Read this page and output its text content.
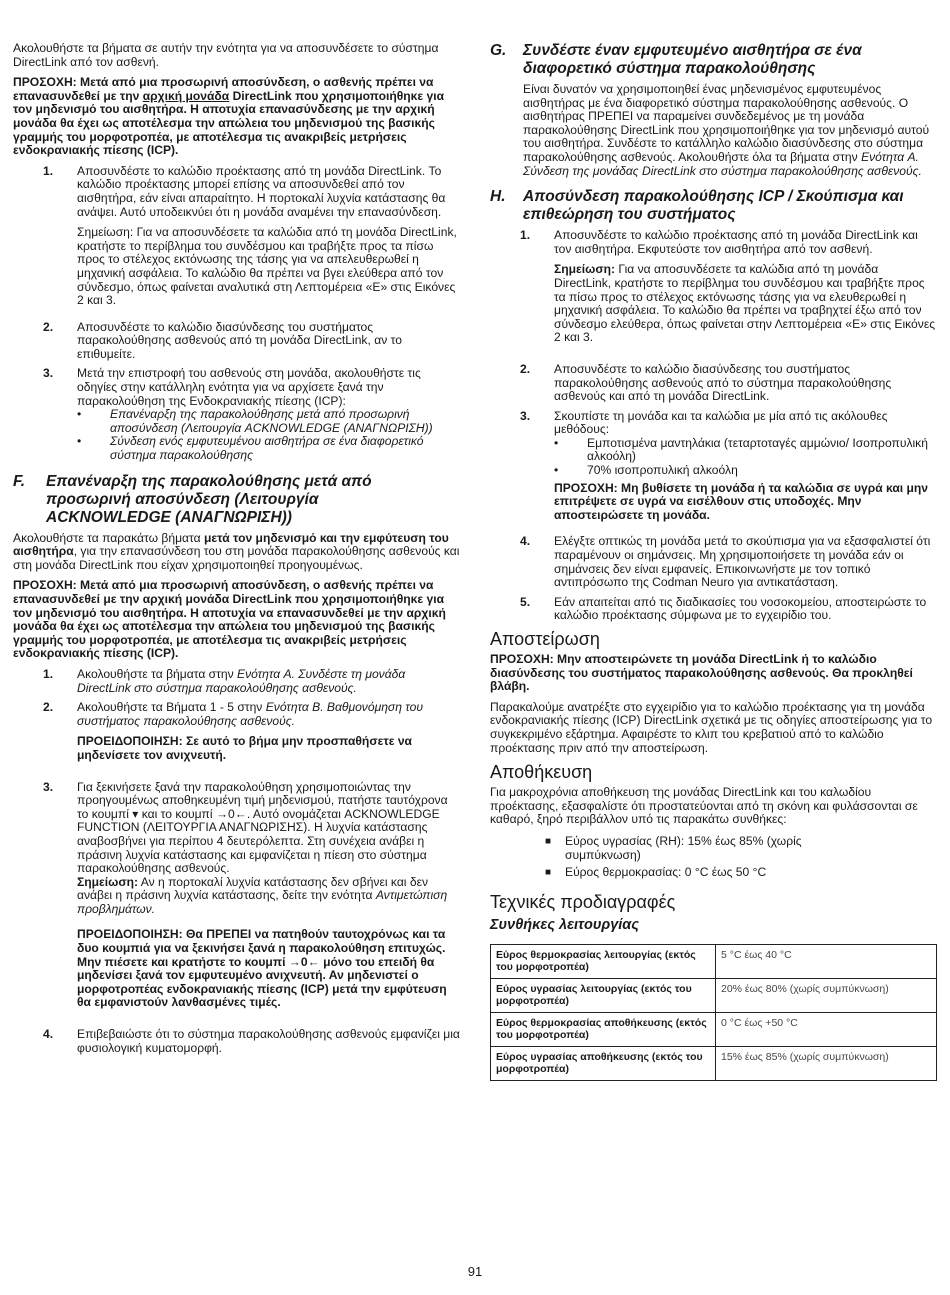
Ακολουθήστε τα βήματα σε αυτήν την ενότητα για να αποσυνδέσετε το σύστημα DirectLink από τον ασθενή.

ΠΡΟΣΟΧΗ: Μετά από μια προσωρινή αποσύνδεση, ο ασθενής πρέπει να επανασυνδεθεί με την αρχική μονάδα DirectLink που χρησιμοποιήθηκε για τον μηδενισμό του αισθητήρα. Η αποτυχία επανασύνδεσης με την αρχική μονάδα θα έχει ως αποτέλεσμα την απώλεια του μηδενισμού της βασικής γραμμής του μορφοτροπέα, με αποτέλεσμα τις ανακριβείς μετρήσεις ενδοκρανιακής πίεσης (ICP).

1.	Αποσυνδέστε το καλώδιο προέκτασης από τη μονάδα DirectLink. Το καλώδιο προέκτασης μπορεί επίσης να αποσυνδεθεί από τον αισθητήρα, εάν είναι απαραίτητο. Η πορτοκαλί λυχνία κατάστασης θα ανάψει. Αυτό υποδεικνύει ότι η μονάδα αναμένει την επανασύνδεση.

Σημείωση: Για να αποσυνδέσετε τα καλώδια από τη μονάδα DirectLink, κρατήστε το περίβλημα του συνδέσμου και τραβήξτε προς τα πίσω προς το στέλεχος εκτόνωσης της τάσης για να απελευθερωθεί η μηχανική ασφάλεια. Το καλώδιο θα πρέπει να βγει ελεύθερα από τον σύνδεσμο, όπως φαίνεται αναλυτικά στη Λεπτομέρεια «Ε» στις Εικόνες 2 και 3.

2.	Αποσυνδέστε το καλώδιο διασύνδεσης του συστήματος παρακολούθησης ασθενούς από τη μονάδα DirectLink, αν το επιθυμείτε.
3.	Μετά την επιστροφή του ασθενούς στη μονάδα, ακολουθήστε τις οδηγίες στην κατάλληλη ενότητα για να αρχίσετε ξανά την παρακολούθηση της Ενδοκρανιακής πίεσης (ICP):
•	Επανέναρξη της παρακολούθησης μετά από προσωρινή αποσύνδεση (Λειτουργία ACKNOWLEDGE (ΑΝΑΓΝΩΡΙΣΗ))
•	Σύνδεση ενός εμφυτευμένου αισθητήρα σε ένα διαφορετικό σύστημα παρακολούθησης
F.	Επανέναρξη της παρακολούθησης μετά από προσωρινή αποσύνδεση (Λειτουργία ACKNOWLEDGE (ΑΝΑΓΝΩΡΙΣΗ))

Ακολουθήστε τα παρακάτω βήματα μετά τον μηδενισμό και την εμφύτευση του αισθητήρα, για την επανασύνδεση του στη μονάδα παρακολούθησης ασθενούς και στη μονάδα DirectLink που είχαν χρησιμοποιηθεί προηγουμένως.

ΠΡΟΣΟΧΗ: Μετά από μια προσωρινή αποσύνδεση, ο ασθενής πρέπει να επανασυνδεθεί με την αρχική μονάδα DirectLink που χρησιμοποιήθηκε για τον μηδενισμό του αισθητήρα. Η αποτυχία να επανασυνδεθεί με την αρχική μονάδα θα έχει ως αποτέλεσμα την απώλεια του μηδενισμού της βασικής γραμμής του μορφοτροπέα, με αποτέλεσμα τις ανακριβείς μετρήσεις ενδοκρανιακής πίεσης (ICP).

1.	Ακολουθήστε τα βήματα στην Ενότητα A. Συνδέστε τη μονάδα DirectLink στο σύστημα παρακολούθησης ασθενούς.
2.	Ακολουθήστε τα Βήματα 1 - 5 στην Ενότητα B. Βαθμονόμηση του συστήματος παρακολούθησης ασθενούς.

ΠΡΟΕΙΔΟΠΟΙΗΣΗ: Σε αυτό το βήμα μην προσπαθήσετε να μηδενίσετε τον ανιχνευτή.

3.	Για ξεκινήσετε ξανά την παρακολούθηση χρησιμοποιώντας την προηγουμένως αποθηκευμένη τιμή μηδενισμού, πατήστε ταυτόχρονα το κουμπί ▾ και το κουμπί →0←. Αυτό ονομάζεται ACKNOWLEDGE FUNCTION (ΛΕΙΤΟΥΡΓΙΑ ΑΝΑΓΝΩΡΙΣΗΣ). Η λυχνία κατάστασης αναβοσβήνει για περίπου 4 δευτερόλεπτα. Στη συνέχεια ανάβει η πράσινη λυχνία κατάστασης και εμφανίζεται η πίεση στο σύστημα παρακολούθησης ασθενούς.

Σημείωση: Αν η πορτοκαλί λυχνία κατάστασης δεν σβήνει και δεν ανάβει η πράσινη λυχνία κατάστασης, δείτε την ενότητα Αντιμετώπιση προβλημάτων.

ΠΡΟΕΙΔΟΠΟΙΗΣΗ: Θα ΠΡΕΠΕΙ να πατηθούν ταυτοχρόνως και τα δυο κουμπιά για να ξεκινήσει ξανά η παρακολούθηση επιτυχώς. Μην πιέσετε και κρατήστε το κουμπί →0← μόνο του επειδή θα μηδενίσει ξανά τον εμφυτευμένο ανιχνευτή. Αν μηδενιστεί ο μορφοτροπέας ενδοκρανιακής πίεσης (ICP) μετά την εμφύτευση θα εμφανιστούν λανθασμένες τιμές.

4.	Επιβεβαιώστε ότι το σύστημα παρακολούθησης ασθενούς εμφανίζει μια φυσιολογική κυματομορφή.
G.	Συνδέστε έναν εμφυτευμένο αισθητήρα σε ένα διαφορετικό σύστημα παρακολούθησης

Είναι δυνατόν να χρησιμοποιηθεί ένας μηδενισμένος εμφυτευμένος αισθητήρας με ένα διαφορετικό σύστημα παρακολούθησης ασθενούς. Ο αισθητήρας ΠΡΕΠΕΙ να παραμείνει συνδεδεμένος με τη μονάδα παρακολούθησης DirectLink που χρησιμοποιήθηκε για τον μηδενισμό αυτού του αισθητήρα. Συνδέστε το κατάλληλο καλώδιο διασύνδεσης στο σύστημα παρακολούθησης ασθενούς. Ακολουθήστε όλα τα βήματα στην Ενότητα A. Σύνδεση της μονάδας DirectLink στο σύστημα παρακολούθησης ασθενούς.

H.	Αποσύνδεση παρακολούθησης ICP / Σκούπισμα και επιθεώρηση του συστήματος
1.	Αποσυνδέστε το καλώδιο προέκτασης από τη μονάδα DirectLink και τον αισθητήρα. Εκφυτεύστε τον αισθητήρα από τον ασθενή.

Σημείωση: Για να αποσυνδέσετε τα καλώδια από τη μονάδα DirectLink, κρατήστε το περίβλημα του συνδέσμου και τραβήξτε προς τα πίσω προς το στέλεχος εκτόνωσης τάσης για να ελευθερωθεί η μηχανική ασφάλεια. Το καλώδιο θα πρέπει να τραβηχτεί έξω από τον σύνδεσμο ελεύθερα, όπως φαίνεται στην Λεπτομέρεια «Ε» στις Εικόνες 2 και 3.

2.	Αποσυνδέστε το καλώδιο διασύνδεσης του συστήματος παρακολούθησης ασθενούς από το σύστημα παρακολούθησης ασθενούς και από τη μονάδα DirectLink.
3.	Σκουπίστε τη μονάδα και τα καλώδια με μία από τις ακόλουθες μεθόδους:
•	Εμποτισμένα μαντηλάκια (τεταρτοταγές αμμώνιο/ Ισοπροπυλική αλκοόλη)
•	70% ισοπροπυλική αλκοόλη

ΠΡΟΣΟΧΗ: Μη βυθίσετε τη μονάδα ή τα καλώδια σε υγρά και μην επιτρέψετε σε υγρά να εισέλθουν στις υποδοχές. Μην αποστειρώσετε τη μονάδα.

4.	Ελέγξτε οπτικώς τη μονάδα μετά το σκούπισμα για να εξασφαλιστεί ότι παραμένουν οι σημάνσεις. Μη χρησιμοποιήσετε τη μονάδα εάν οι σημάνσεις δεν είναι εμφανείς. Επικοινωνήστε με τον τοπικό αντιπρόσωπο της Codman Neuro για αντικατάσταση.
5.	Εάν απαιτείται από τις διαδικασίες του νοσοκομείου, αποστειρώστε το καλώδιο προέκτασης σύμφωνα με το εγχειρίδιο του.
Αποστείρωση

ΠΡΟΣΟΧΗ: Μην αποστειρώνετε τη μονάδα DirectLink ή το καλώδιο διασύνδεσης του συστήματος παρακολούθησης ασθενούς. Θα προκληθεί βλάβη.

Παρακαλούμε ανατρέξτε στο εγχειρίδιο για το καλώδιο προέκτασης για τη μονάδα ενδοκρανιακής πίεσης (ICP) DirectLink σχετικά με τις οδηγίες αποστείρωσης για το συγκεκριμένο εξάρτημα. Αφαιρέστε το κλιπ του κρεβατιού από το καλώδιο προέκτασης πριν από την αποστείρωση.

Αποθήκευση

Για μακροχρόνια αποθήκευση της μονάδας DirectLink και του καλωδίου προέκτασης, εξασφαλίστε ότι προστατεύονται από τη σκόνη και φυλάσσονται σε καθαρό, ξηρό περιβάλλον υπό τις παρακάτω συνθήκες:

■	Εύρος υγρασίας (RH): 15% έως 85% (χωρίς συμπύκνωση)
■	Εύρος θερμοκρασίας: 0 °C έως 50 °C
Τεχνικές προδιαγραφές
Συνθήκες λειτουργίας
Εύρος θερμοκρασίας λειτουργίας (εκτός του μορφοτροπέα)	5 °C έως 40 °C
Εύρος υγρασίας λειτουργίας (εκτός του μορφοτροπέα)	20% έως 80% (χωρίς συμπύκνωση)
Εύρος θερμοκρασίας αποθήκευσης (εκτός του μορφοτροπέα)	0 °C έως +50 °C
Εύρος υγρασίας αποθήκευσης (εκτός του μορφοτροπέα)	15% έως 85% (χωρίς συμπύκνωση)
91
